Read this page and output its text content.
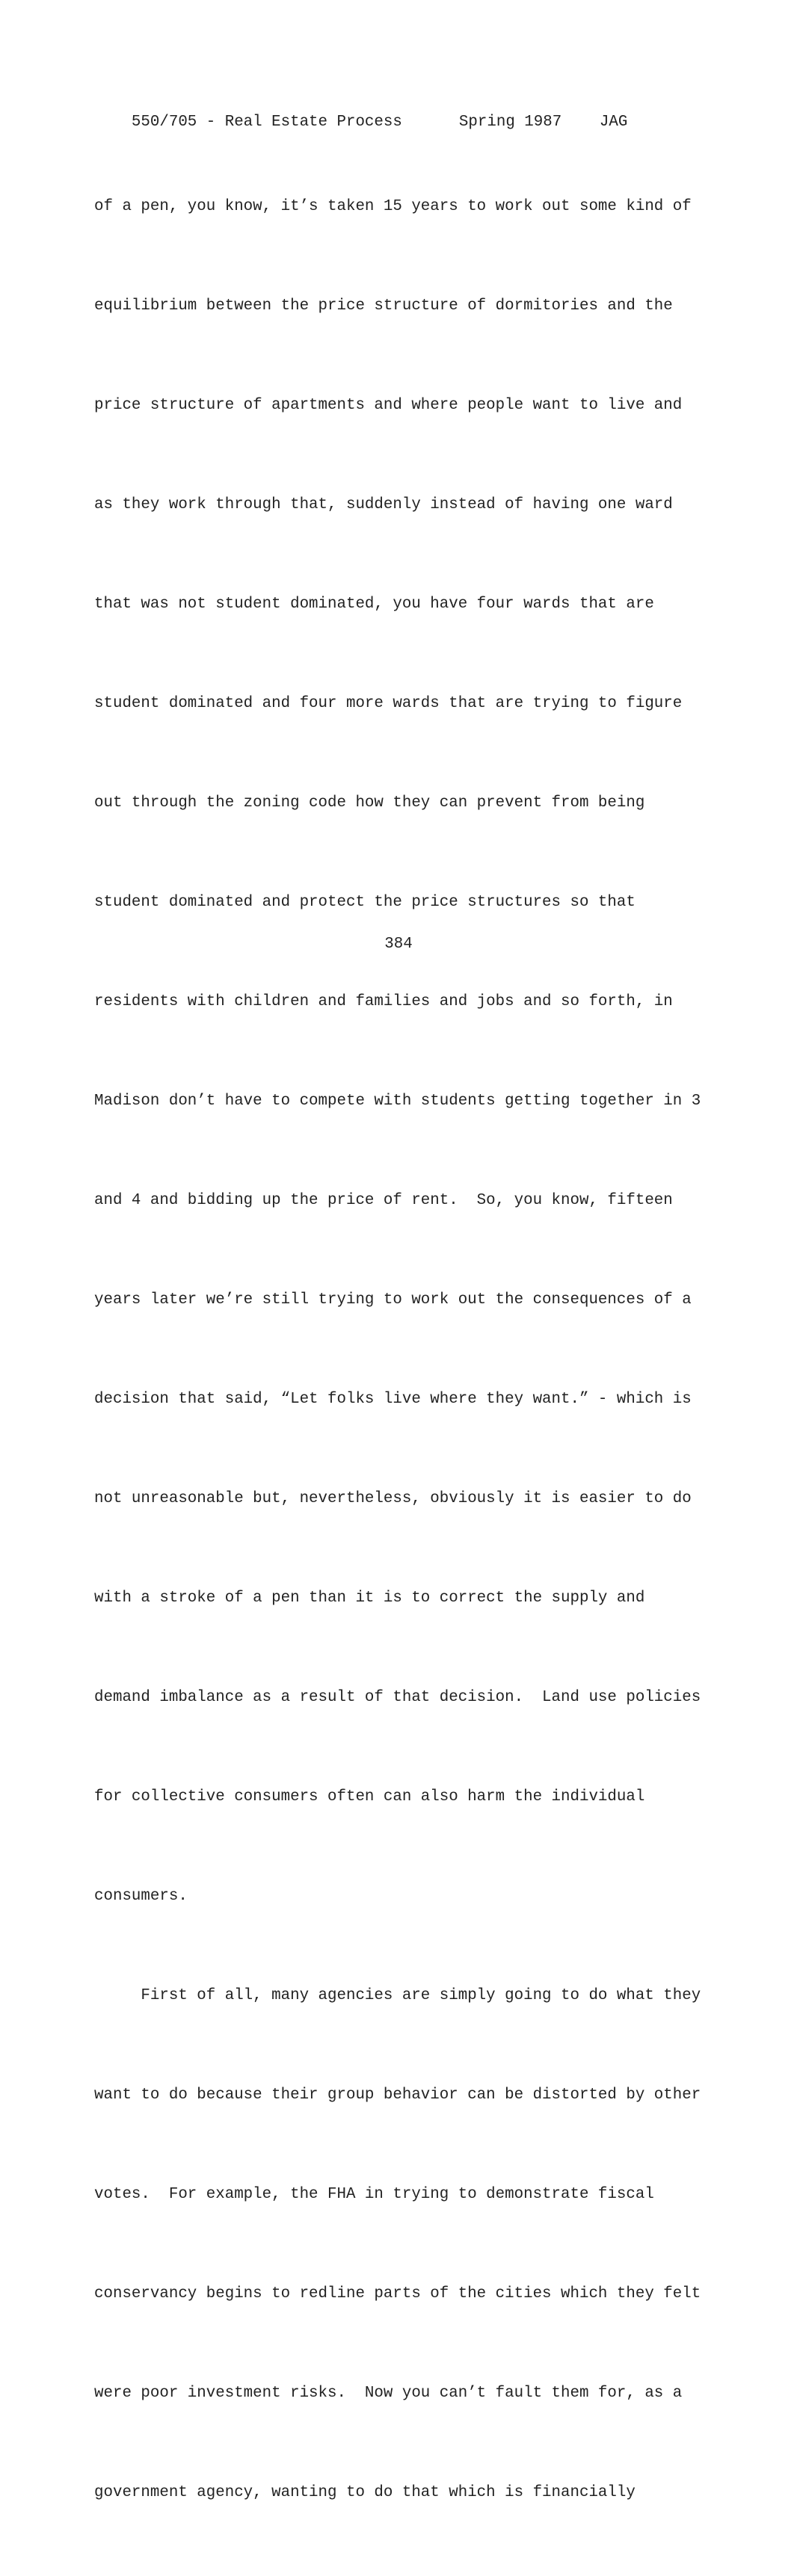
550/705 - Real Estate Process	Spring 1987 JAG

of a pen, you know, it’s taken 15 years to work out some kind of

equilibrium between the price structure of dormitories and the

price structure of apartments and where people want to live and

as they work through that, suddenly instead of having one ward

that was not student dominated, you have four wards that are

student dominated and four more wards that are trying to figure

out through the zoning code how they can prevent from being

student dominated and protect the price structures so that

residents with children and families and jobs and so forth, in

Madison don’t have to compete with students getting together in 3

and 4 and bidding up the price of rent.  So, you know, fifteen

years later we’re still trying to work out the consequences of a

decision that said, “Let folks live where they want.” - which is

not unreasonable but, nevertheless, obviously it is easier to do

with a stroke of a pen than it is to correct the supply and

demand imbalance as a result of that decision.  Land use policies

for collective consumers often can also harm the individual

consumers.

First of all, many agencies are simply going to do what they

want to do because their group behavior can be distorted by other

votes.  For example, the FHA in trying to demonstrate fiscal

conservancy begins to redline parts of the cities which they felt

were poor investment risks.  Now you can’t fault them for, as a

government agency, wanting to do that which is financially

384
